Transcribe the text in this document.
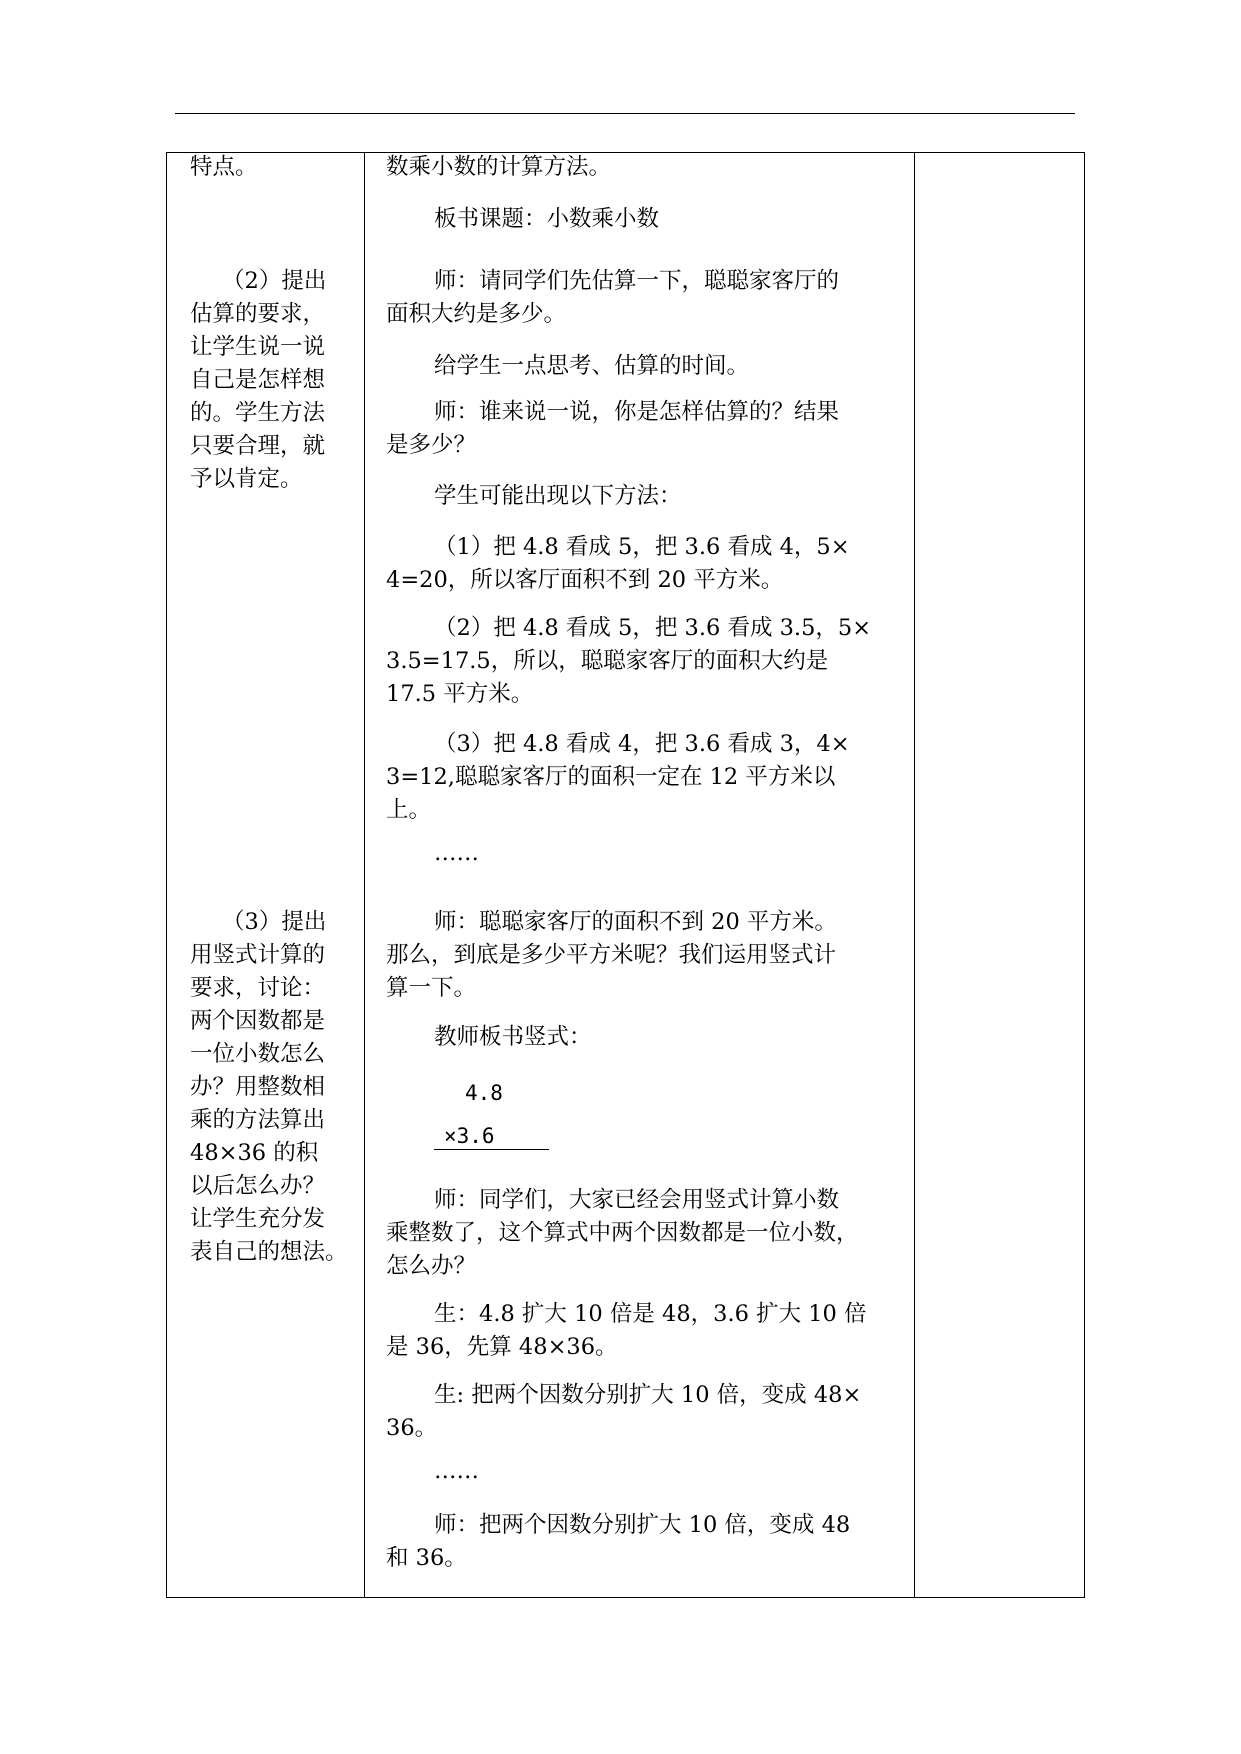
特点。
（2）提出
估算的要求，
让学生说一说
自己是怎样想
的。学生方法
只要合理，就
予以肯定。
（3）提出
用竖式计算的
要求，讨论：
两个因数都是
一位小数怎么
办？用整数相
乘的方法算出
48×36 的积
以后怎么办？
让学生充分发
表自己的想法。
数乘小数的计算方法。
板书课题：小数乘小数
师：请同学们先估算一下，聪聪家客厅的
面积大约是多少。
给学生一点思考、估算的时间。
师：谁来说一说，你是怎样估算的？结果
是多少？
学生可能出现以下方法：
（1）把 4.8 看成 5，把 3.6 看成 4，5×
4=20，所以客厅面积不到 20 平方米。
（2）把 4.8 看成 5，把 3.6 看成 3.5，5×
3.5=17.5，所以，聪聪家客厅的面积大约是
17.5 平方米。
（3）把 4.8 看成 4，把 3.6 看成 3，4×
3=12,聪聪家客厅的面积一定在 12 平方米以
上。
……
师：聪聪家客厅的面积不到 20 平方米。
那么，到底是多少平方米呢？我们运用竖式计
算一下。
教师板书竖式：
4.8
×3.6
师：同学们，大家已经会用竖式计算小数
乘整数了，这个算式中两个因数都是一位小数，
怎么办？
生：4.8 扩大 10 倍是 48，3.6 扩大 10 倍
是 36，先算 48×36。
生: 把两个因数分别扩大 10 倍，变成 48×
36。
……
师：把两个因数分别扩大 10 倍，变成 48
和 36。
